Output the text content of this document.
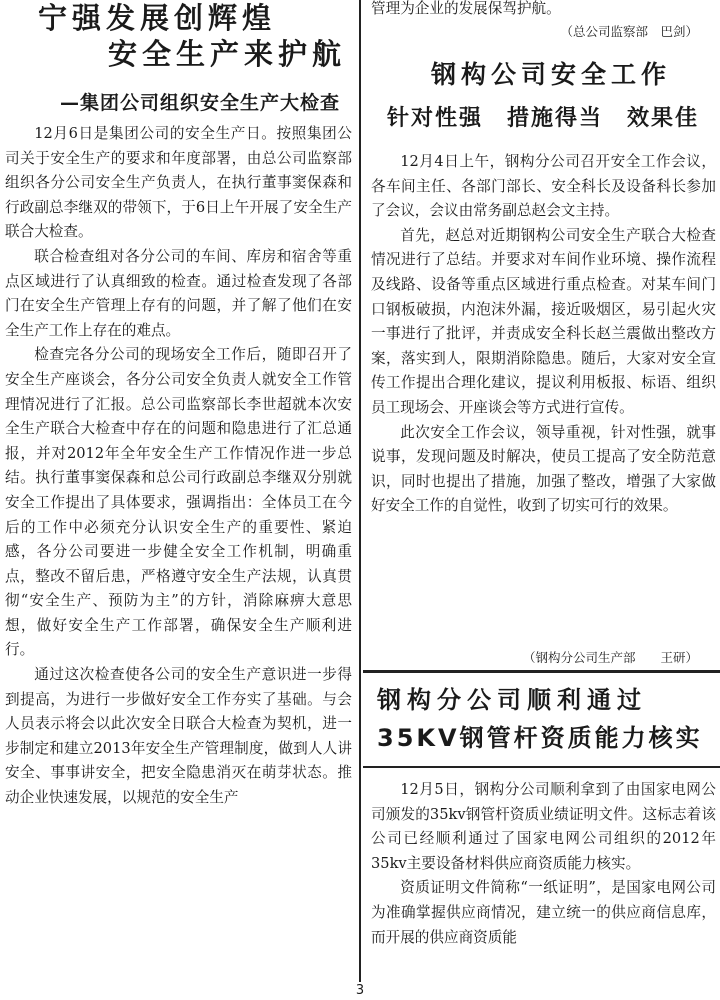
宁强发展创辉煌
安全生产来护航
—集团公司组织安全生产大检查

12月6日是集团公司的安全生产日。按照集团公司关于安全生产的要求和年度部署，由总公司监察部组织各分公司安全生产负责人，在执行董事窦保森和行政副总李继双的带领下，于6日上午开展了安全生产联合大检查。

联合检查组对各分公司的车间、库房和宿舍等重点区域进行了认真细致的检查。通过检查发现了各部门在安全生产管理上存有的问题，并了解了他们在安全生产工作上存在的难点。

检查完各分公司的现场安全工作后，随即召开了安全生产座谈会，各分公司安全负责人就安全工作管理情况进行了汇报。总公司监察部长李世超就本次安全生产联合大检查中存在的问题和隐患进行了汇总通报，并对2012年全年安全生产工作情况作进一步总结。执行董事窦保森和总公司行政副总李继双分别就安全工作提出了具体要求，强调指出：全体员工在今后的工作中必须充分认识安全生产的重要性、紧迫感，各分公司要进一步健全安全工作机制，明确重点，整改不留后患，严格遵守安全生产法规，认真贯彻“安全生产、预防为主”的方针，消除麻痹大意思想，做好安全生产工作部署，确保安全生产顺利进行。

通过这次检查使各公司的安全生产意识进一步得到提高，为进行一步做好安全工作夯实了基础。与会人员表示将会以此次安全日联合大检查为契机，进一步制定和建立2013年安全生产管理制度，做到人人讲安全、事事讲安全，把安全隐患消灭在萌芽状态。推动企业快速发展，以规范的安全生产

管理为企业的发展保驾护航。

（总公司监察部　巴剑）
钢构公司安全工作
针对性强　措施得当　效果佳

12月4日上午，钢构分公司召开安全工作会议，各车间主任、各部门部长、安全科长及设备科长参加了会议，会议由常务副总赵会文主持。

首先，赵总对近期钢构公司安全生产联合大检查情况进行了总结。并要求对车间作业环境、操作流程及线路、设备等重点区域进行重点检查。对某车间门口钢板破损，内泡沫外漏，接近吸烟区，易引起火灾一事进行了批评，并责成安全科长赵兰震做出整改方案，落实到人，限期消除隐患。随后，大家对安全宣传工作提出合理化建议，提议利用板报、标语、组织员工现场会、开座谈会等方式进行宣传。

此次安全工作会议，领导重视，针对性强，就事说事，发现问题及时解决，使员工提高了安全防范意识，同时也提出了措施，加强了整改，增强了大家做好安全工作的自觉性，收到了切实可行的效果。

（钢构分公司生产部　　王研）
钢构分公司顺利通过
35KV钢管杆资质能力核实

12月5日，钢构分公司顺利拿到了由国家电网公司颁发的35kv钢管杆资质业绩证明文件。这标志着该公司已经顺利通过了国家电网公司组织的2012年35kv主要设备材料供应商资质能力核实。

资质证明文件简称“一纸证明”，是国家电网公司为准确掌握供应商情况，建立统一的供应商信息库，而开展的供应商资质能

3
